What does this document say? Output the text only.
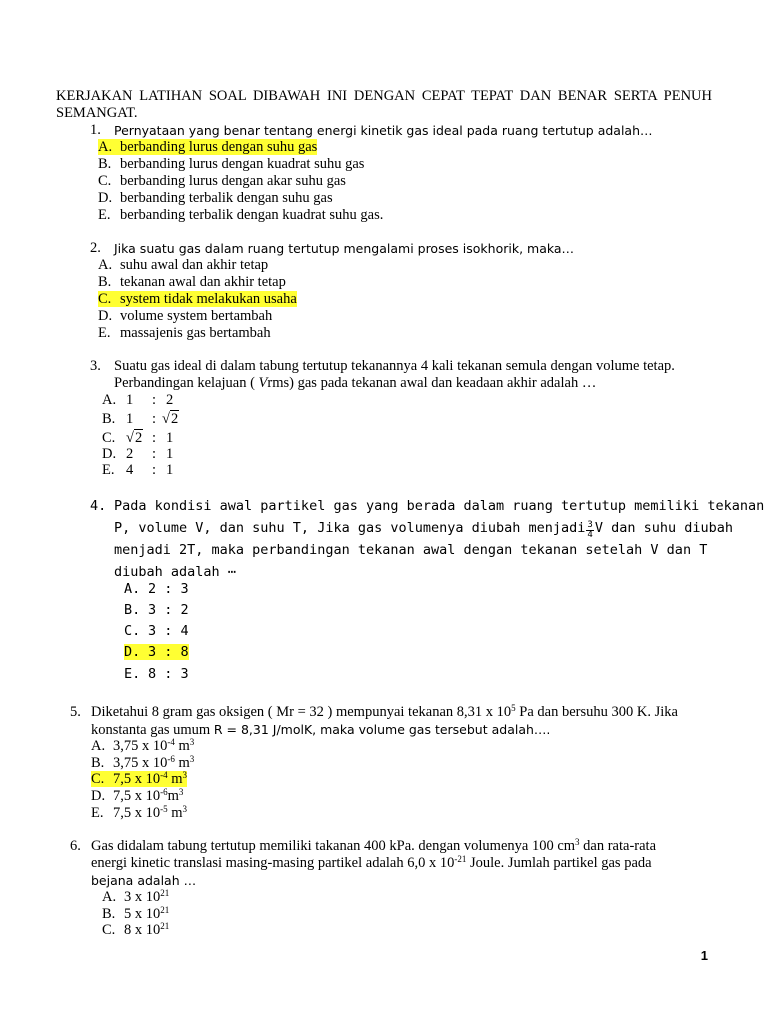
KERJAKAN LATIHAN SOAL DIBAWAH INI DENGAN CEPAT TEPAT DAN BENAR SERTA PENUH SEMANGAT.
1. Pernyataan yang benar tentang energi kinetik gas ideal pada ruang tertutup adalah…
A. berbanding lurus dengan suhu gas
B. berbanding lurus dengan kuadrat suhu gas
C. berbanding lurus dengan akar suhu gas
D. berbanding terbalik dengan suhu gas
E. berbanding terbalik dengan kuadrat suhu gas.
2. Jika suatu gas dalam ruang tertutup mengalami proses isokhorik, maka…
A. suhu awal dan akhir tetap
B. tekanan awal dan akhir tetap
C. system tidak melakukan usaha
D. volume system bertambah
E. massajenis gas bertambah
3. Suatu gas ideal di dalam tabung tertutup tekanannya 4 kali tekanan semula dengan volume tetap.
Perbandingan kelajuan ( Vrms) gas pada tekanan awal dan keadaan akhir adalah …
A. 1 : 2
B. 1 : √2
C. √2 : 1
D. 2 : 1
E. 4 : 1
4. Pada kondisi awal partikel gas yang berada dalam ruang tertutup memiliki tekanan
P, volume V, dan suhu T, Jika gas volumenya diubah menjadi $\frac{3}{4}$ V dan suhu diubah
menjadi 2T, maka perbandingan tekanan awal dengan tekanan setelah V dan T
diubah adalah ⋯
A. 2 : 3
B. 3 : 2
C. 3 : 4
D. 3 : 8
E. 8 : 3
5. Diketahui 8 gram gas oksigen ( Mr = 32 ) mempunyai tekanan 8,31 x $10^5$ Pa dan bersuhu 300 K. Jika
konstanta gas umum R = 8,31 J/molK, maka volume gas tersebut adalah….
A. 3,75 x $10^{-4}$ $m^3$
B. 3,75 x $10^{-6}$ $m^3$
C. 7,5 x $10^{-4}$ $m^3$
D. 7,5 x $10^{-6}m^3$
E. 7,5 x $10^{-5}$ $m^3$
6. Gas didalam tabung tertutup memiliki takanan 400 kPa. dengan volumenya 100 $cm^3$ dan rata-rata
energi kinetic translasi masing-masing partikel adalah 6,0 x $10^{-21}$ Joule. Jumlah partikel gas pada
bejana adalah …
A. 3 x $10^{21}$
B. 5 x $10^{21}$
C. 8 x $10^{21}$
1
